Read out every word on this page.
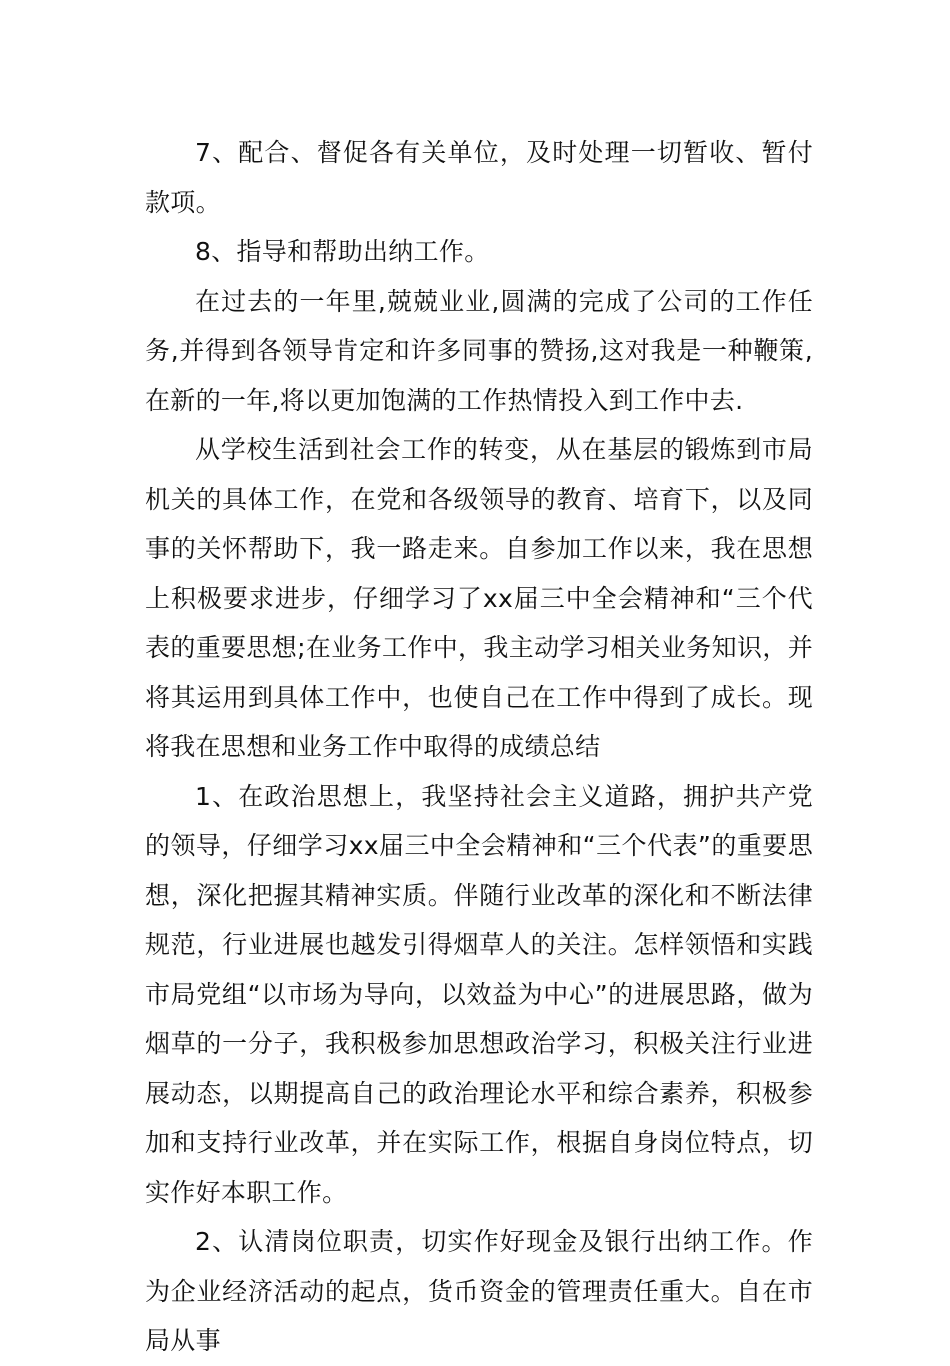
7、配合、督促各有关单位，及时处理一切暂收、暂付款项。

8、指导和帮助出纳工作。

在过去的一年里,兢兢业业,圆满的完成了公司的工作任务,并得到各领导肯定和许多同事的赞扬,这对我是一种鞭策,在新的一年,将以更加饱满的工作热情投入到工作中去.

从学校生活到社会工作的转变，从在基层的锻炼到市局机关的具体工作，在党和各级领导的教育、培育下，以及同事的关怀帮助下，我一路走来。自参加工作以来，我在思想上积极要求进步，仔细学习了xx届三中全会精神和“三个代表的重要思想;在业务工作中，我主动学习相关业务知识，并将其运用到具体工作中，也使自己在工作中得到了成长。现将我在思想和业务工作中取得的成绩总结

1、在政治思想上，我坚持社会主义道路，拥护共产党的领导，仔细学习xx届三中全会精神和“三个代表”的重要思想，深化把握其精神实质。伴随行业改革的深化和不断法律规范，行业进展也越发引得烟草人的关注。怎样领悟和实践市局党组“以市场为导向，以效益为中心”的进展思路，做为烟草的一分子，我积极参加思想政治学习，积极关注行业进展动态，以期提高自己的政治理论水平和综合素养，积极参加和支持行业改革，并在实际工作，根据自身岗位特点，切实作好本职工作。

2、认清岗位职责，切实作好现金及银行出纳工作。作为企业经济活动的起点，货币资金的管理责任重大。自在市局从事
